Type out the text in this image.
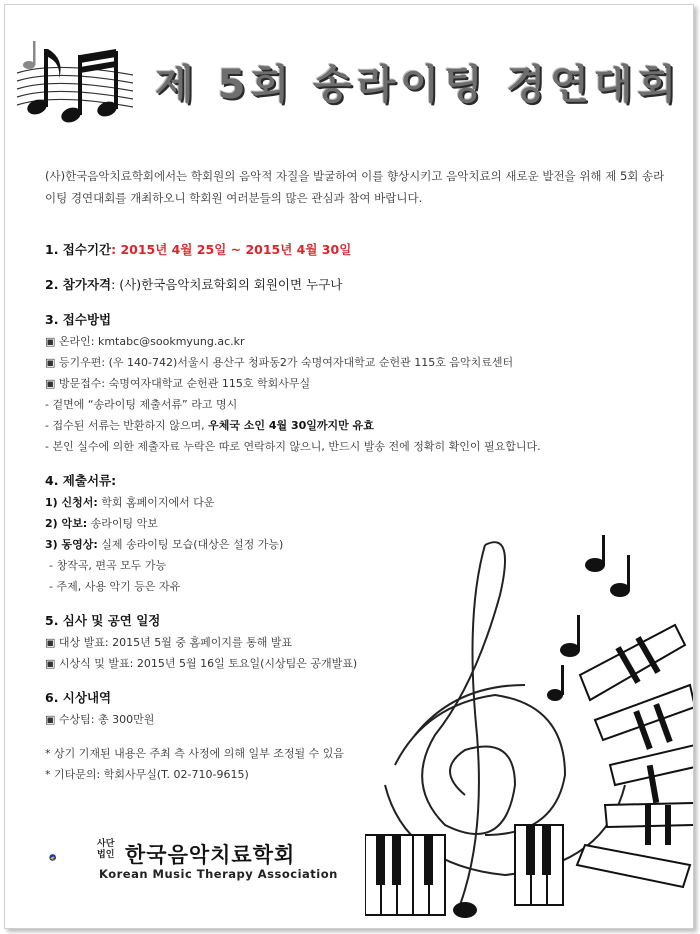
제 5회 송라이팅 경연대회
(사)한국음악치료학회에서는 학회원의 음악적 자질을 발굴하여 이를 향상시키고 음악치료의 새로운 발전을 위해 제 5회 송라이팅 경연대회를 개최하오니 학회원 여러분들의 많은 관심과 참여 바랍니다.
1. 접수기간: 2015년 4월 25일 ~ 2015년 4월 30일
2. 참가자격: (사)한국음악치료학회의 회원이면 누구나
3. 접수방법
▣ 온라인: kmtabc@sookmyung.ac.kr
▣ 등기우편: (우 140-742)서울시 용산구 청파동2가 숙명여자대학교 순헌관 115호 음악치료센터
▣ 방문접수: 숙명여자대학교 순헌관 115호 학회사무실
- 겉면에 “송라이팅 제출서류” 라고 명시
- 접수된 서류는 반환하지 않으며, 우체국 소인 4월 30일까지만 유효
- 본인 실수에 의한 제출자료 누락은 따로 연락하지 않으니, 반드시 발송 전에 정확히 확인이 필요합니다.
4. 제출서류:
1) 신청서: 학회 홈페이지에서 다운
2) 악보: 송라이팅 악보
3) 동영상: 실제 송라이팅 모습(대상은 설정 가능)
- 창작곡, 편곡 모두 가능
- 주제, 사용 악기 등은 자유
5. 심사 및 공연 일정
▣ 대상 발표: 2015년 5월 중 홈페이지를 통해 발표
▣ 시상식 및 발표: 2015년 5월 16일 토요일(시상팀은 공개발표)
6. 시상내역
▣ 수상팀: 총 300만원
* 상기 기재된 내용은 주최 측 사정에 의해 일부 조정될 수 있음
* 기타문의: 학회사무실(T. 02-710-9615)
사단
법인 한국음악치료학회
Korean Music Therapy Association
